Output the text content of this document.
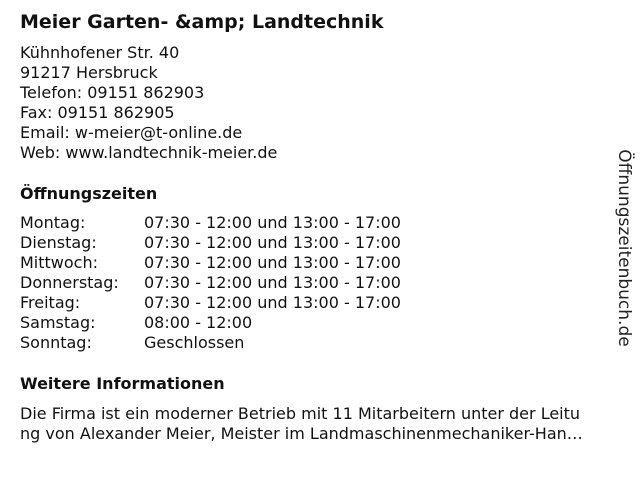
Meier Garten- &amp; Landtechnik
Kühnhofener Str. 40
91217 Hersbruck
Telefon: 09151 862903
Fax: 09151 862905
Email: w-meier@t-online.de
Web: www.landtechnik-meier.de
Öffnungszeiten
Montag:	07:30 - 12:00 und 13:00 - 17:00
Dienstag:	07:30 - 12:00 und 13:00 - 17:00
Mittwoch:	07:30 - 12:00 und 13:00 - 17:00
Donnerstag: 07:30 - 12:00 und 13:00 - 17:00
Freitag:	07:30 - 12:00 und 13:00 - 17:00
Samstag:	08:00 - 12:00
Sonntag:	Geschlossen
Weitere Informationen
Die Firma ist ein moderner Betrieb mit 11 Mitarbeitern unter der Leitu
ng von Alexander Meier, Meister im Landmaschinenmechaniker-Han…
Öffnungszeitenbuch.de
